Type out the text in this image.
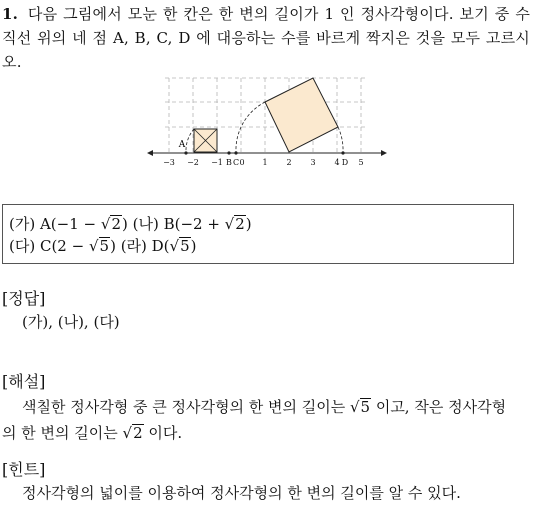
1. 다음 그림에서 모눈 한 칸은 한 변의 길이가 1 인 정사각형이다. 보기 중 수직선 위의 네 점 A, B, C, D 에 대응하는 수를 바르게 짝지은 것을 모두 고르시오.
A
−3 −2 −1 B C 0 1 2 3 4 D 5
(가) A(−1 − √2) (나) B(−2 + √2)
(다) C(2 − √5) (라) D(√5)
[정답]
(가), (나), (다)
[해설]
색칠한 정사각형 중 큰 정사각형의 한 변의 길이는 √5 이고, 작은 정사각형
의 한 변의 길이는 √2 이다.
[힌트]
정사각형의 넓이를 이용하여 정사각형의 한 변의 길이를 알 수 있다.
